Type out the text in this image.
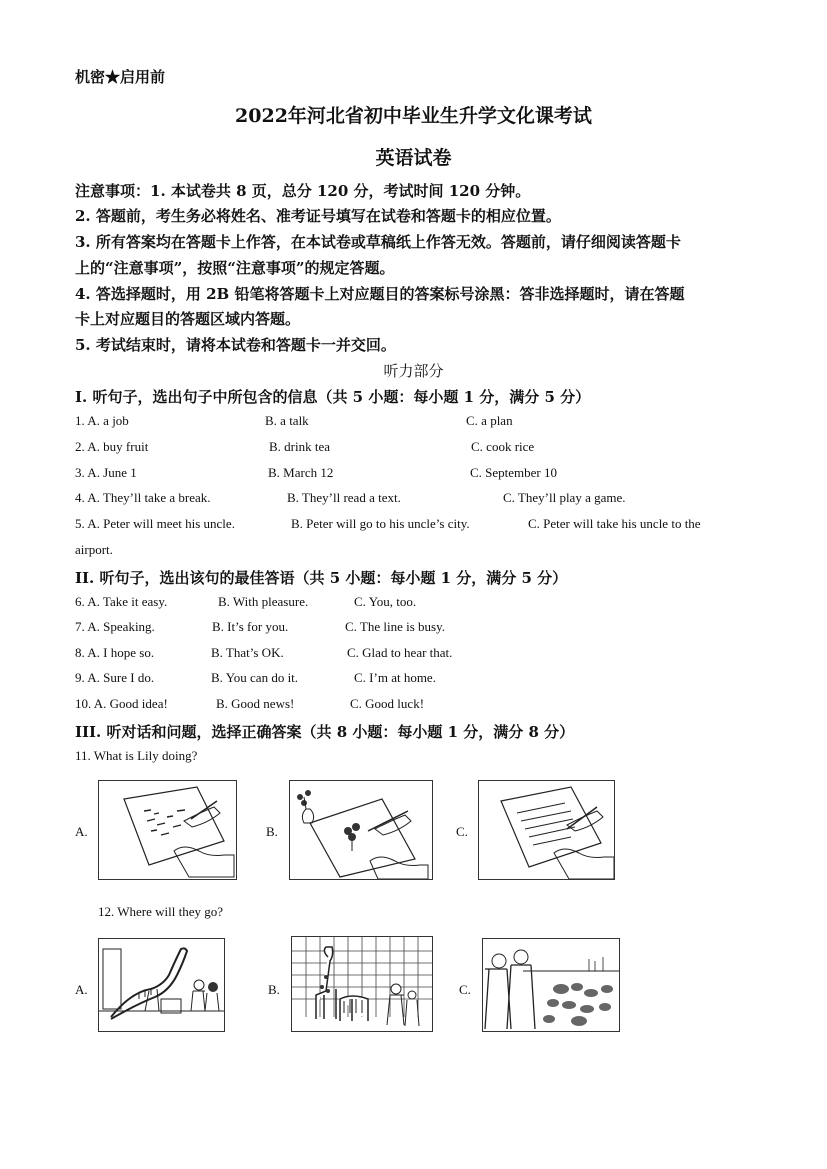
机密★启用前
2022年河北省初中毕业生升学文化课考试
英语试卷
注意事项：1. 本试卷共 8 页，总分 120 分，考试时间 120 分钟。
2. 答题前，考生务必将姓名、准考证号填写在试卷和答题卡的相应位置。
3. 所有答案均在答题卡上作答，在本试卷或草稿纸上作答无效。答题前，请仔细阅读答题卡
上的“注意事项”，按照“注意事项”的规定答题。
4. 答选择题时，用 2B 铅笔将答题卡上对应题目的答案标号涂黑：答非选择题时，请在答题
卡上对应题目的答题区域内答题。
5. 考试结束时，请将本试卷和答题卡一并交回。
听力部分
Ⅰ. 听句子，选出句子中所包含的信息（共 5 小题：每小题 1 分，满分 5 分）
1. A. a job	B. a talk	C. a plan
2. A. buy fruit	B. drink tea	C. cook rice
3. A. June 1	B. March 12	C. September 10
4. A. They’ll take a break.	B. They’ll read a text.	C. They’ll play a game.
5. A. Peter will meet his uncle.	B. Peter will go to his uncle’s city.	C. Peter will take his uncle to the
airport.
II. 听句子，选出该句的最佳答语（共 5 小题：每小题 1 分，满分 5 分）
6. A. Take it easy.	B. With pleasure.	C. You, too.
7. A. Speaking.	B. It’s for you.	C. The line is busy.
8. A. I hope so.	B. That’s OK.	C. Glad to hear that.
9. A. Sure I do.	B. You can do it.	C. I’m at home.
10. A. Good idea!	B. Good news!	C. Good luck!
III. 听对话和问题，选择正确答案（共 8 小题：每小题 1 分，满分 8 分）
11. What is Lily doing?
A.	B.	C.
12. Where will they go?
A.	B.	C.
